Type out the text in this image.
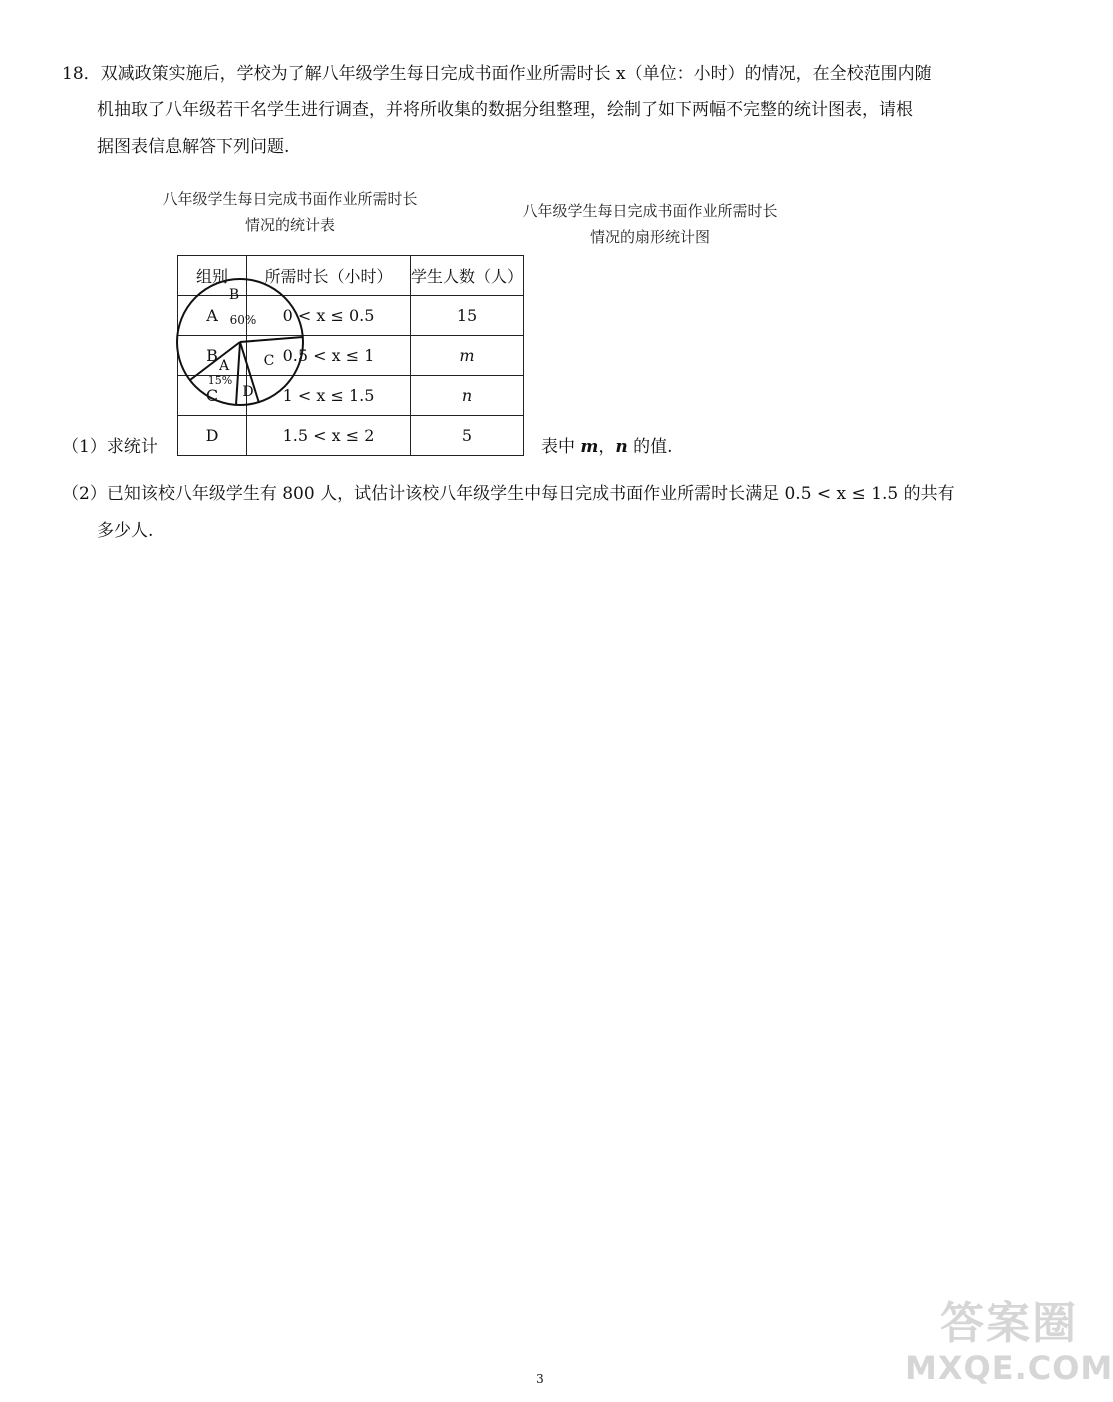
18．双减政策实施后，学校为了解八年级学生每日完成书面作业所需时长 x（单位：小时）的情况，在全校范围内随
机抽取了八年级若干名学生进行调查，并将所收集的数据分组整理，绘制了如下两幅不完整的统计图表，请根
据图表信息解答下列问题.
八年级学生每日完成书面作业所需时长
情况的统计表
八年级学生每日完成书面作业所需时长
情况的扇形统计图
组别	所需时长（小时）	学生人数（人）
A	0 < x ≤ 0.5	15
B	0.5 < x ≤ 1	m
C	1 < x ≤ 1.5	n
D	1.5 < x ≤ 2	5
B
60%
C
A
15%
D
（1）求统计	表中 m，n 的值.
（2）已知该校八年级学生有 800 人，试估计该校八年级学生中每日完成书面作业所需时长满足 0.5 < x ≤ 1.5 的共有
多少人.
答案圈
MXQE.COM
3
